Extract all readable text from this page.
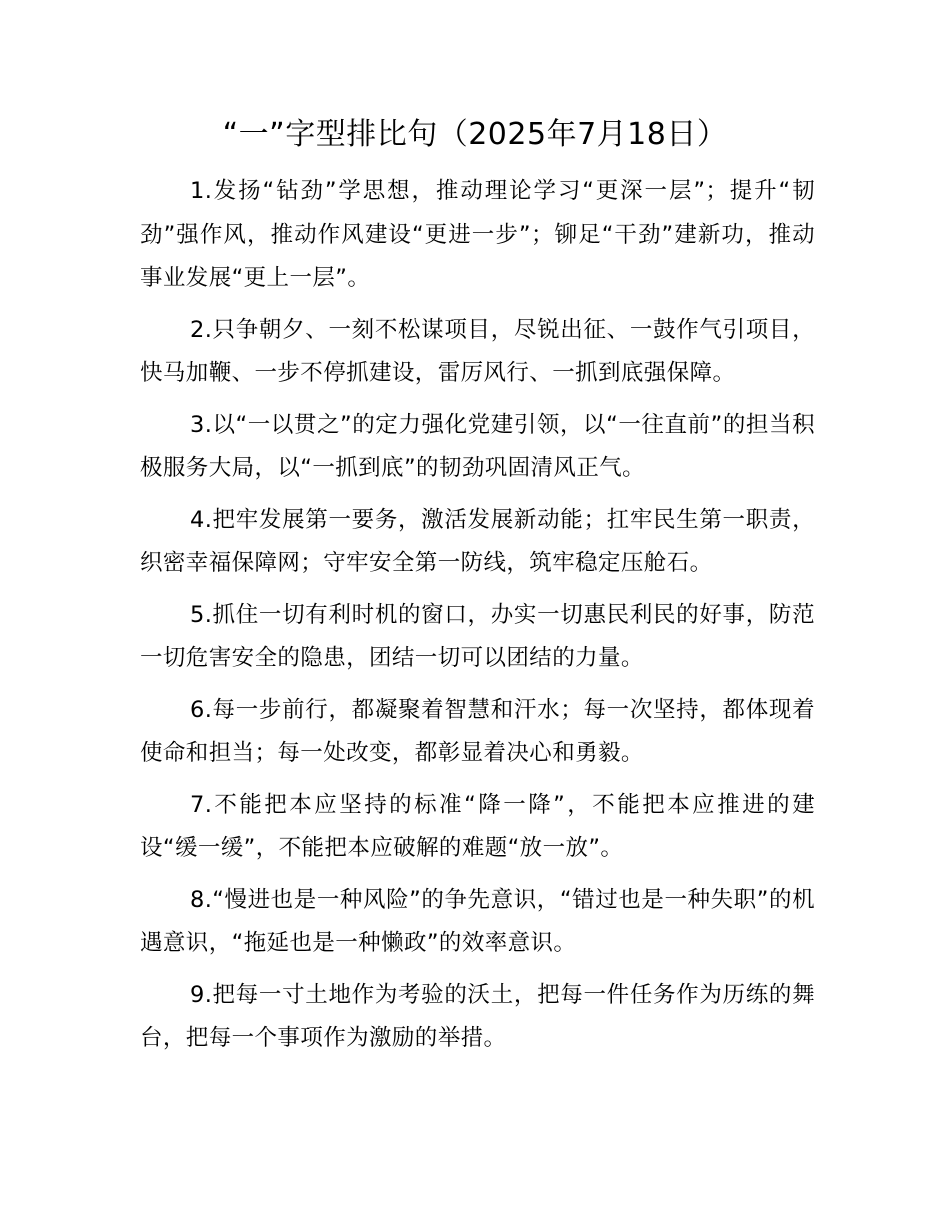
“一”字型排比句（2025年7月18日）

1.发扬“钻劲”学思想，推动理论学习“更深一层”；提升“韧劲”强作风，推动作风建设“更进一步”；铆足“干劲”建新功，推动事业发展“更上一层”。

2.只争朝夕、一刻不松谋项目，尽锐出征、一鼓作气引项目，快马加鞭、一步不停抓建设，雷厉风行、一抓到底强保障。

3.以“一以贯之”的定力强化党建引领，以“一往直前”的担当积极服务大局，以“一抓到底”的韧劲巩固清风正气。

4.把牢发展第一要务，激活发展新动能；扛牢民生第一职责，织密幸福保障网；守牢安全第一防线，筑牢稳定压舱石。

5.抓住一切有利时机的窗口，办实一切惠民利民的好事，防范一切危害安全的隐患，团结一切可以团结的力量。

6.每一步前行，都凝聚着智慧和汗水；每一次坚持，都体现着使命和担当；每一处改变，都彰显着决心和勇毅。

7.不能把本应坚持的标准“降一降”，不能把本应推进的建设“缓一缓”，不能把本应破解的难题“放一放”。

8.“慢进也是一种风险”的争先意识，“错过也是一种失职”的机遇意识，“拖延也是一种懒政”的效率意识。

9.把每一寸土地作为考验的沃土，把每一件任务作为历练的舞台，把每一个事项作为激励的举措。
